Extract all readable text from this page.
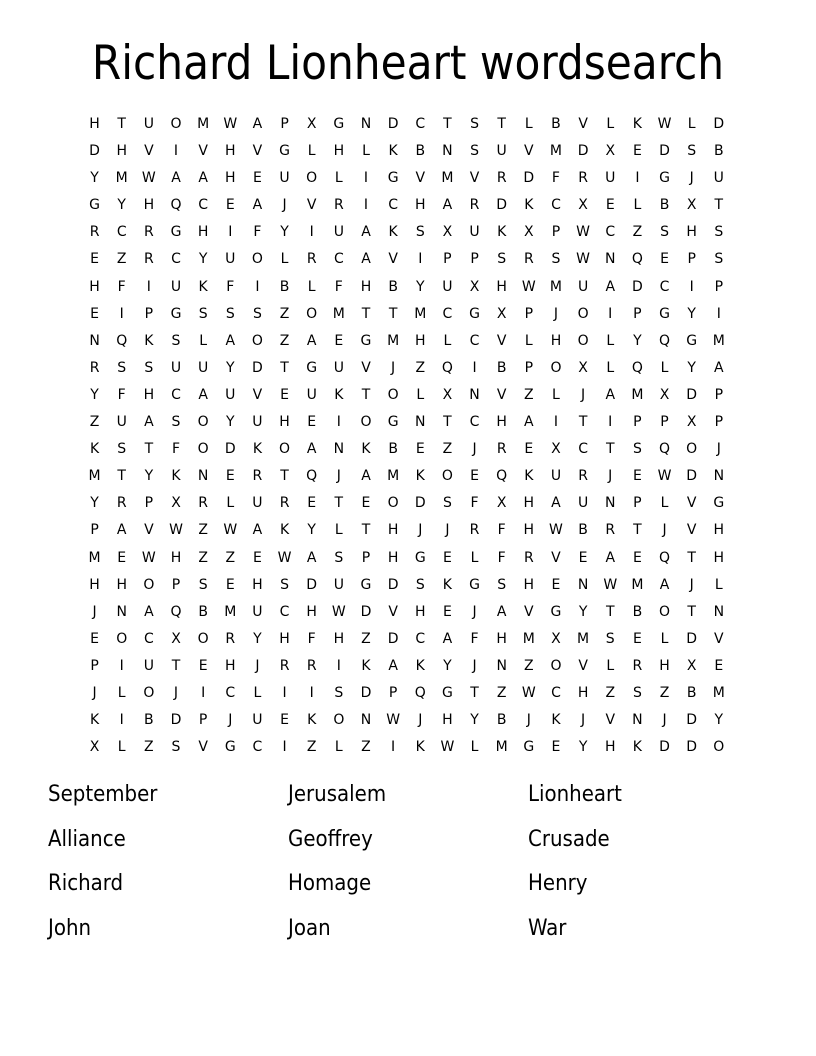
Richard Lionheart wordsearch
H	T	U	O	M	W	A	P	X	G	N	D	C	T	S	T	L	B	V	L	K	W	L	D
D	H	V	I	V	H	V	G	L	H	L	K	B	N	S	U	V	M	D	X	E	D	S	B
Y	M	W	A	A	H	E	U	O	L	I	G	V	M	V	R	D	F	R	U	I	G	J	U
G	Y	H	Q	C	E	A	J	V	R	I	C	H	A	R	D	K	C	X	E	L	B	X	T
R	C	R	G	H	I	F	Y	I	U	A	K	S	X	U	K	X	P	W	C	Z	S	H	S
E	Z	R	C	Y	U	O	L	R	C	A	V	I	P	P	S	R	S	W	N	Q	E	P	S
H	F	I	U	K	F	I	B	L	F	H	B	Y	U	X	H	W	M	U	A	D	C	I	P
E	I	P	G	S	S	S	Z	O	M	T	T	M	C	G	X	P	J	O	I	P	G	Y	I
N	Q	K	S	L	A	O	Z	A	E	G	M	H	L	C	V	L	H	O	L	Y	Q	G	M
R	S	S	U	U	Y	D	T	G	U	V	J	Z	Q	I	B	P	O	X	L	Q	L	Y	A
Y	F	H	C	A	U	V	E	U	K	T	O	L	X	N	V	Z	L	J	A	M	X	D	P
Z	U	A	S	O	Y	U	H	E	I	O	G	N	T	C	H	A	I	T	I	P	P	X	P
K	S	T	F	O	D	K	O	A	N	K	B	E	Z	J	R	E	X	C	T	S	Q	O	J
M	T	Y	K	N	E	R	T	Q	J	A	M	K	O	E	Q	K	U	R	J	E	W	D	N
Y	R	P	X	R	L	U	R	E	T	E	O	D	S	F	X	H	A	U	N	P	L	V	G
P	A	V	W	Z	W	A	K	Y	L	T	H	J	J	R	F	H	W	B	R	T	J	V	H
M	E	W	H	Z	Z	E	W	A	S	P	H	G	E	L	F	R	V	E	A	E	Q	T	H
H	H	O	P	S	E	H	S	D	U	G	D	S	K	G	S	H	E	N	W	M	A	J	L
J	N	A	Q	B	M	U	C	H	W	D	V	H	E	J	A	V	G	Y	T	B	O	T	N
E	O	C	X	O	R	Y	H	F	H	Z	D	C	A	F	H	M	X	M	S	E	L	D	V
P	I	U	T	E	H	J	R	R	I	K	A	K	Y	J	N	Z	O	V	L	R	H	X	E
J	L	O	J	I	C	L	I	I	S	D	P	Q	G	T	Z	W	C	H	Z	S	Z	B	M
K	I	B	D	P	J	U	E	K	O	N	W	J	H	Y	B	J	K	J	V	N	J	D	Y
X	L	Z	S	V	G	C	I	Z	L	Z	I	K	W	L	M	G	E	Y	H	K	D	D	O
September	Jerusalem	Lionheart
Alliance	Geoffrey	Crusade
Richard	Homage	Henry
John	Joan	War
